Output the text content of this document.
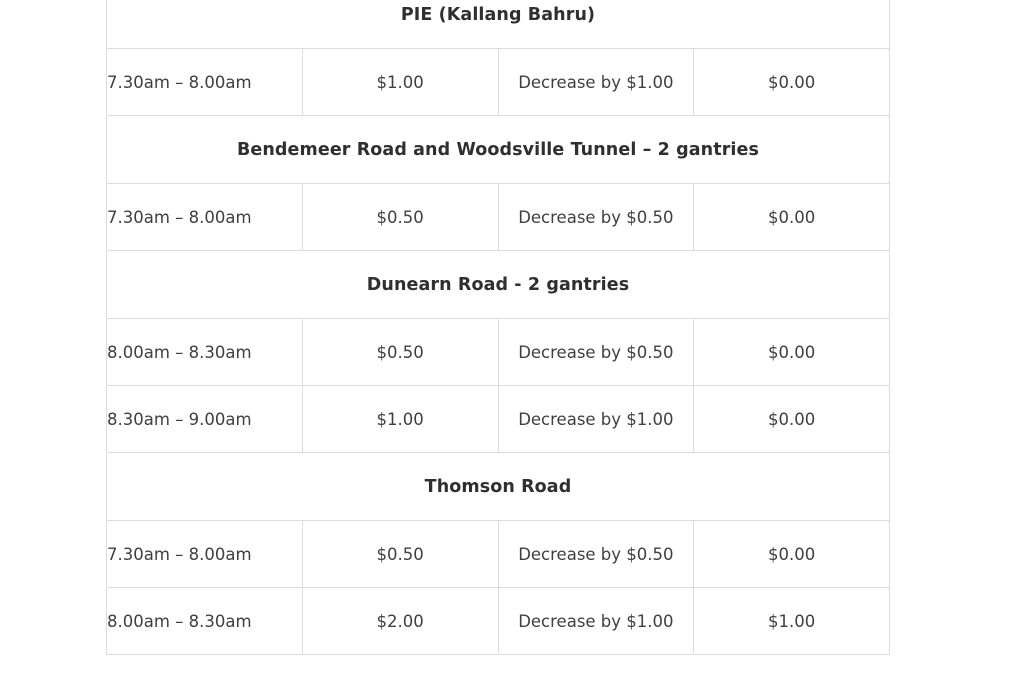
PIE (Kallang Bahru)			
7.30am – 8.00am	$1.00	Decrease by $1.00	$0.00
Bendemeer Road and Woodsville Tunnel – 2 gantries			
7.30am – 8.00am	$0.50	Decrease by $0.50	$0.00
Dunearn Road - 2 gantries			
8.00am – 8.30am	$0.50	Decrease by $0.50	$0.00
8.30am – 9.00am	$1.00	Decrease by $1.00	$0.00
Thomson Road			
7.30am – 8.00am	$0.50	Decrease by $0.50	$0.00
8.00am – 8.30am	$2.00	Decrease by $1.00	$1.00
